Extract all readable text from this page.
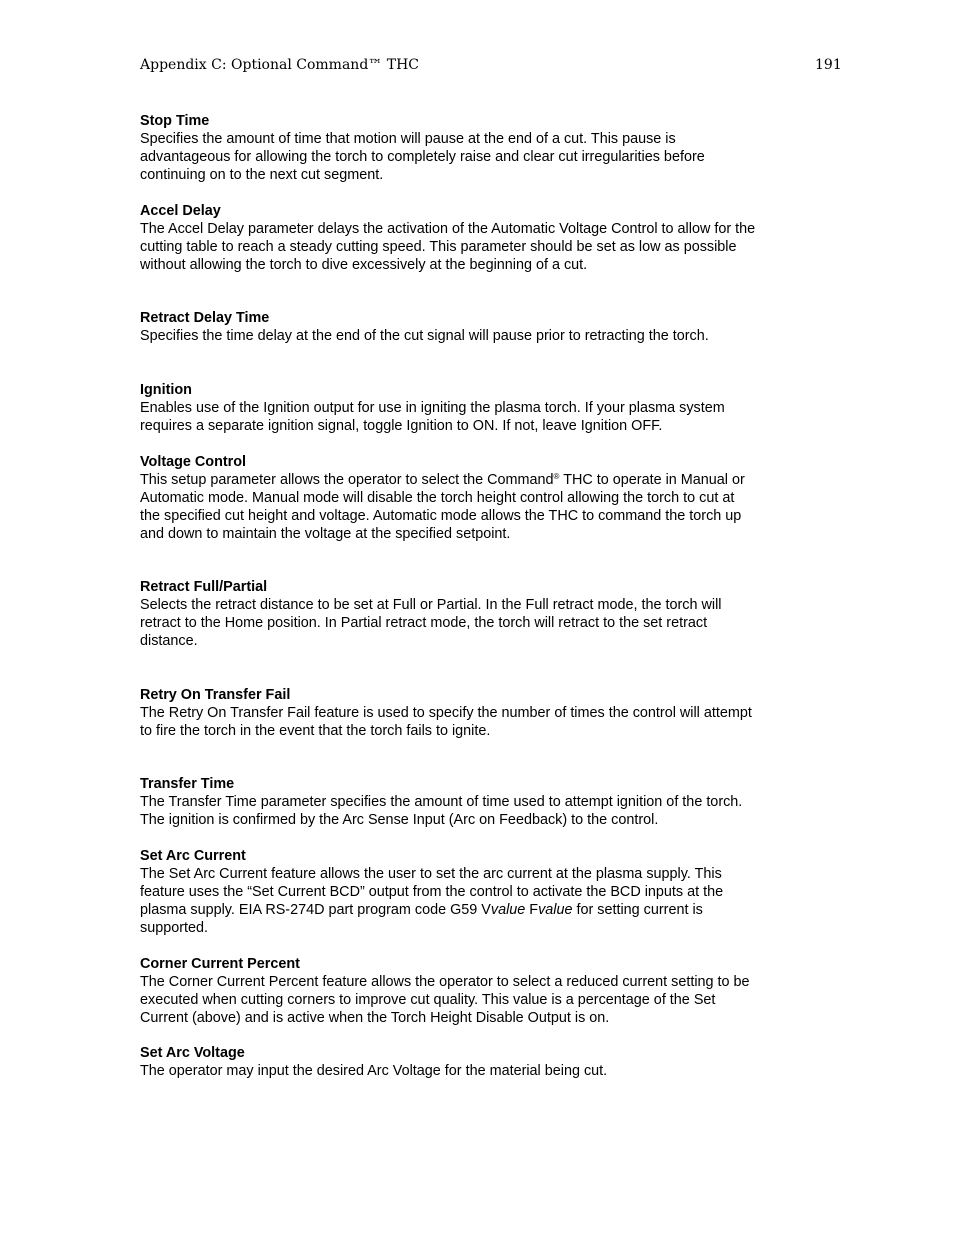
Appendix C: Optional Command™ THC	191
Stop Time

Specifies the amount of time that motion will pause at the end of a cut. This pause is
advantageous for allowing the torch to completely raise and clear cut irregularities before
continuing on to the next cut segment.

Accel Delay

The Accel Delay parameter delays the activation of the Automatic Voltage Control to allow for the
cutting table to reach a steady cutting speed. This parameter should be set as low as possible
without allowing the torch to dive excessively at the beginning of a cut.

Retract Delay Time

Specifies the time delay at the end of the cut signal will pause prior to retracting the torch.

Ignition

Enables use of the Ignition output for use in igniting the plasma torch. If your plasma system
requires a separate ignition signal, toggle Ignition to ON. If not, leave Ignition OFF.

Voltage Control

This setup parameter allows the operator to select the Command® THC to operate in Manual or
Automatic mode. Manual mode will disable the torch height control allowing the torch to cut at
the specified cut height and voltage. Automatic mode allows the THC to command the torch up
and down to maintain the voltage at the specified setpoint.

Retract Full/Partial

Selects the retract distance to be set at Full or Partial. In the Full retract mode, the torch will
retract to the Home position. In Partial retract mode, the torch will retract to the set retract
distance.

Retry On Transfer Fail

The Retry On Transfer Fail feature is used to specify the number of times the control will attempt
to fire the torch in the event that the torch fails to ignite.

Transfer Time

The Transfer Time parameter specifies the amount of time used to attempt ignition of the torch.
The ignition is confirmed by the Arc Sense Input (Arc on Feedback) to the control.

Set Arc Current

The Set Arc Current feature allows the user to set the arc current at the plasma supply. This
feature uses the “Set Current BCD” output from the control to activate the BCD inputs at the
plasma supply. EIA RS-274D part program code G59 Vvalue Fvalue for setting current is
supported.

Corner Current Percent

The Corner Current Percent feature allows the operator to select a reduced current setting to be
executed when cutting corners to improve cut quality. This value is a percentage of the Set
Current (above) and is active when the Torch Height Disable Output is on.

Set Arc Voltage

The operator may input the desired Arc Voltage for the material being cut.
